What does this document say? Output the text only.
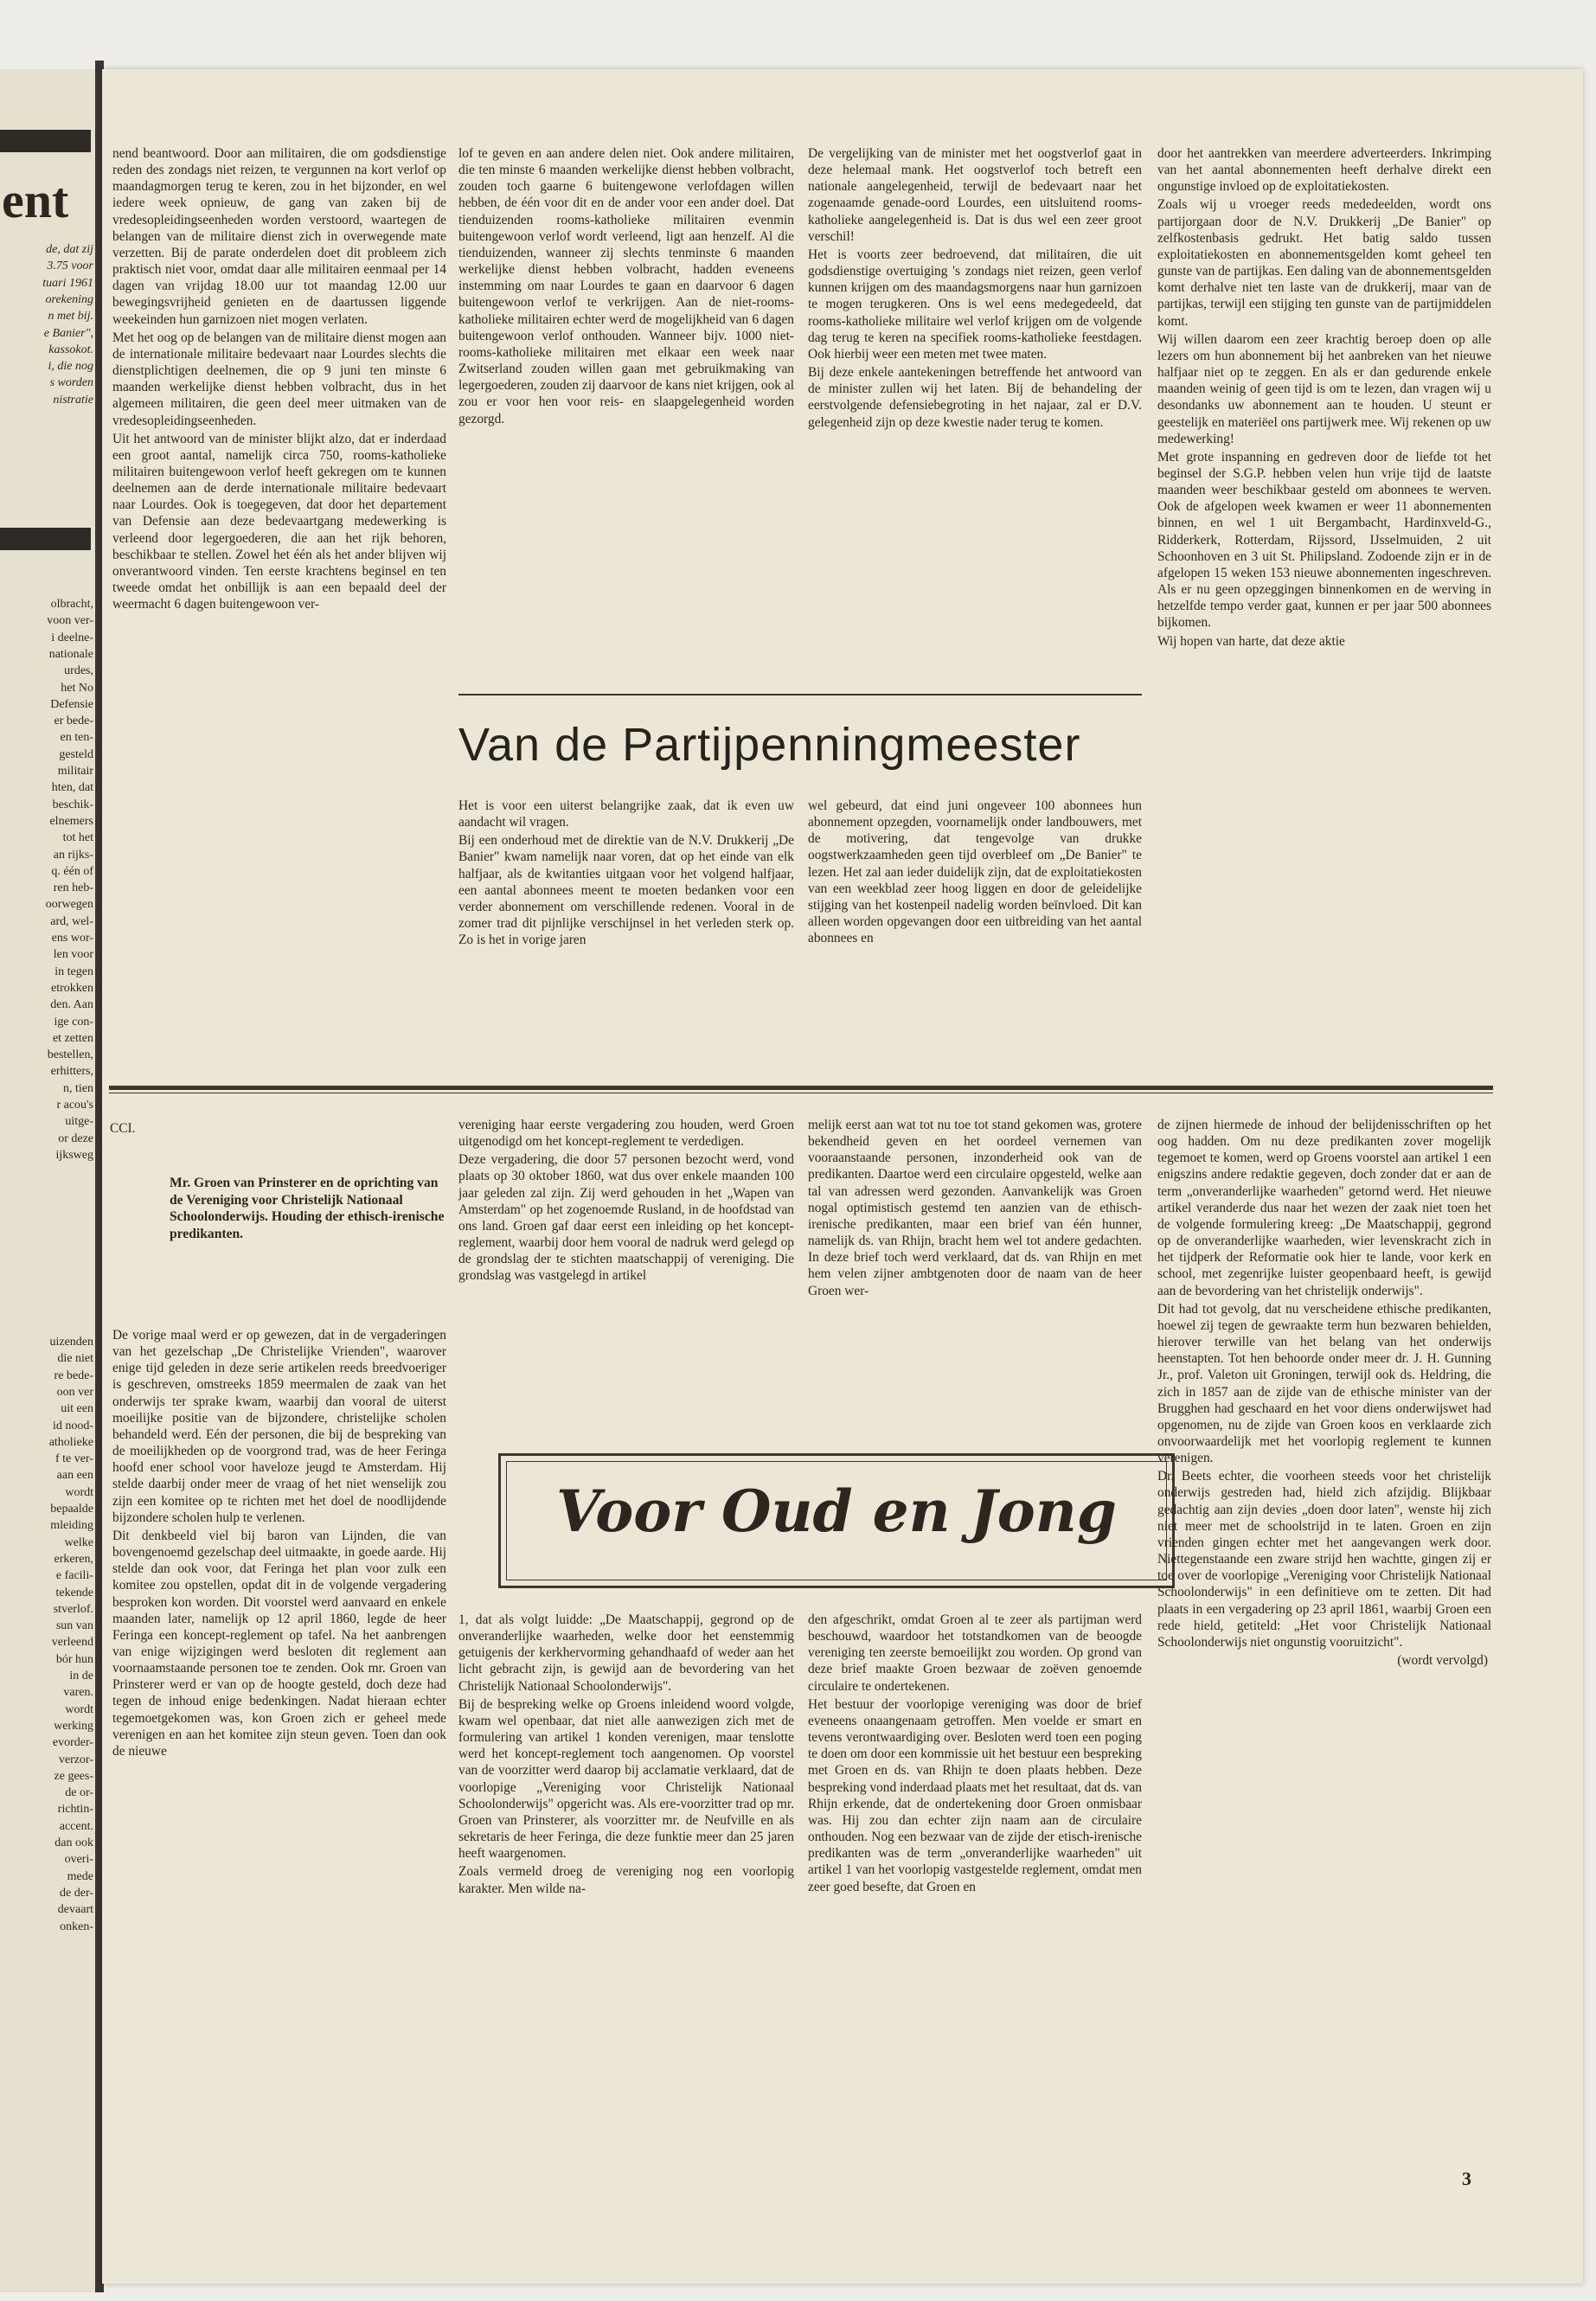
ent
de, dat zij
3.75 voor
tuari 1961
orekening
n met bij.
e Banier",
kassokot.
i, die nog
s worden
nistratie
olbracht,
voon ver-
i deelne-
nationale
urdes,
het No
Defensie
er bede-
en ten-
gesteld
militair
hten, dat
beschik-
elnemers
tot het
an rijks-
q. één of
ren heb-
oorwegen
ard, wel-
ens wor-
len voor
in tegen
etrokken
den. Aan
ige con-
et zetten
bestellen,
erhitters,
n, tien
r acou's
uitge-
or deze
ijksweg
uizenden
die niet
re bede-
oon ver
uit een
id nood-
atholieke
f te ver-
aan een
wordt
bepaalde
mleiding
welke
erkeren,
e facili-
tekende
stverlof.
sun van
verleend
bór hun
in de
varen.
wordt
werking
evorder-
verzor-
ze gees-
de or-
richtin-
accent.
dan ook
overi-
mede
de der-
devaart
onken-

nend beantwoord. Door aan militairen, die om godsdienstige reden des zondags niet reizen, te vergunnen na kort verlof op maandagmorgen terug te keren, zou in het bijzonder, en wel iedere week opnieuw, de gang van zaken bij de vredesopleidingseenheden worden verstoord, waartegen de belangen van de militaire dienst zich in overwegende mate verzetten. Bij de parate onderdelen doet dit probleem zich praktisch niet voor, omdat daar alle militairen eenmaal per 14 dagen van vrijdag 18.00 uur tot maandag 12.00 uur bewegingsvrijheid genieten en de daartussen liggende weekeinden hun garnizoen niet mogen verlaten.

Met het oog op de belangen van de militaire dienst mogen aan de internationale militaire bedevaart naar Lourdes slechts die dienstplichtigen deelnemen, die op 9 juni ten minste 6 maanden werkelijke dienst hebben volbracht, dus in het algemeen militairen, die geen deel meer uitmaken van de vredesopleidingseenheden.

Uit het antwoord van de minister blijkt alzo, dat er inderdaad een groot aantal, namelijk circa 750, rooms-katholieke militairen buitengewoon verlof heeft gekregen om te kunnen deelnemen aan de derde internationale militaire bedevaart naar Lourdes. Ook is toegegeven, dat door het departement van Defensie aan deze bedevaartgang medewerking is verleend door legergoederen, die aan het rijk behoren, beschikbaar te stellen. Zowel het één als het ander blijven wij onverantwoord vinden. Ten eerste krachtens beginsel en ten tweede omdat het onbillijk is aan een bepaald deel der weermacht 6 dagen buitengewoon ver-

lof te geven en aan andere delen niet. Ook andere militairen, die ten minste 6 maanden werkelijke dienst hebben volbracht, zouden toch gaarne 6 buitengewone verlofdagen willen hebben, de één voor dit en de ander voor een ander doel. Dat tienduizenden rooms-katholieke militairen evenmin buitengewoon verlof wordt verleend, ligt aan henzelf. Al die tienduizenden, wanneer zij slechts tenminste 6 maanden werkelijke dienst hebben volbracht, hadden eveneens instemming om naar Lourdes te gaan en daarvoor 6 dagen buitengewoon verlof te verkrijgen. Aan de niet-rooms-katholieke militairen echter werd de mogelijkheid van 6 dagen buitengewoon verlof onthouden. Wanneer bijv. 1000 niet-rooms-katholieke militairen met elkaar een week naar Zwitserland zouden willen gaan met gebruikmaking van legergoederen, zouden zij daarvoor de kans niet krijgen, ook al zou er voor hen voor reis- en slaapgelegenheid worden gezorgd.

De vergelijking van de minister met het oogstverlof gaat in deze helemaal mank. Het oogstverlof toch betreft een nationale aangelegenheid, terwijl de bedevaart naar het zogenaamde genade-oord Lourdes, een uitsluitend rooms-katholieke aangelegenheid is. Dat is dus wel een zeer groot verschil!

Het is voorts zeer bedroevend, dat militairen, die uit godsdienstige overtuiging 's zondags niet reizen, geen verlof kunnen krijgen om des maandagsmorgens naar hun garnizoen te mogen terugkeren. Ons is wel eens medegedeeld, dat rooms-katholieke militaire wel verlof krijgen om de volgende dag terug te keren na specifiek rooms-katholieke feestdagen. Ook hierbij weer een meten met twee maten.

Bij deze enkele aantekeningen betreffende het antwoord van de minister zullen wij het laten. Bij de behandeling der eerstvolgende defensiebegroting in het najaar, zal er D.V. gelegenheid zijn op deze kwestie nader terug te komen.

door het aantrekken van meerdere adverteerders. Inkrimping van het aantal abonnementen heeft derhalve direkt een ongunstige invloed op de exploitatiekosten.

Zoals wij u vroeger reeds mededeelden, wordt ons partijorgaan door de N.V. Drukkerij „De Banier" op zelfkostenbasis gedrukt. Het batig saldo tussen exploitatiekosten en abonnementsgelden komt geheel ten gunste van de partijkas. Een daling van de abonnementsgelden komt derhalve niet ten laste van de drukkerij, maar van de partijkas, terwijl een stijging ten gunste van de partijmiddelen komt.

Wij willen daarom een zeer krachtig beroep doen op alle lezers om hun abonnement bij het aanbreken van het nieuwe halfjaar niet op te zeggen. En als er dan gedurende enkele maanden weinig of geen tijd is om te lezen, dan vragen wij u desondanks uw abonnement aan te houden. U steunt er geestelijk en materiëel ons partijwerk mee. Wij rekenen op uw medewerking!

Met grote inspanning en gedreven door de liefde tot het beginsel der S.G.P. hebben velen hun vrije tijd de laatste maanden weer beschikbaar gesteld om abonnees te werven. Ook de afgelopen week kwamen er weer 11 abonnementen binnen, en wel 1 uit Bergambacht, Hardinxveld-G., Ridderkerk, Rotterdam, Rijssord, IJsselmuiden, 2 uit Schoonhoven en 3 uit St. Philipsland. Zodoende zijn er in de afgelopen 15 weken 153 nieuwe abonnementen ingeschreven. Als er nu geen opzeggingen binnenkomen en de werving in hetzelfde tempo verder gaat, kunnen er per jaar 500 abonnees bijkomen.

Wij hopen van harte, dat deze aktie

Van de Partijpenningmeester

Het is voor een uiterst belangrijke zaak, dat ik even uw aandacht wil vragen.

Bij een onderhoud met de direktie van de N.V. Drukkerij „De Banier" kwam namelijk naar voren, dat op het einde van elk halfjaar, als de kwitanties uitgaan voor het volgend halfjaar, een aantal abonnees meent te moeten bedanken voor een verder abonnement om verschillende redenen. Vooral in de zomer trad dit pijnlijke verschijnsel in het verleden sterk op. Zo is het in vorige jaren

wel gebeurd, dat eind juni ongeveer 100 abonnees hun abonnement opzegden, voornamelijk onder landbouwers, met de motivering, dat tengevolge van drukke oogstwerkzaamheden geen tijd overbleef om „De Banier" te lezen. Het zal aan ieder duidelijk zijn, dat de exploitatiekosten van een weekblad zeer hoog liggen en door de geleidelijke stijging van het kostenpeil nadelig worden beïnvloed. Dit kan alleen worden opgevangen door een uitbreiding van het aantal abonnees en

CCI.
Mr. Groen van Prinsterer en de oprichting van de Vereniging voor Christelijk Nationaal Schoolonderwijs. Houding der ethisch-irenische predikanten.

De vorige maal werd er op gewezen, dat in de vergaderingen van het gezelschap „De Christelijke Vrienden", waarover enige tijd geleden in deze serie artikelen reeds breedvoeriger is geschreven, omstreeks 1859 meermalen de zaak van het onderwijs ter sprake kwam, waarbij dan vooral de uiterst moeilijke positie van de bijzondere, christelijke scholen behandeld werd. Eén der personen, die bij de bespreking van de moeilijkheden op de voorgrond trad, was de heer Feringa hoofd ener school voor haveloze jeugd te Amsterdam. Hij stelde daarbij onder meer de vraag of het niet wenselijk zou zijn een komitee op te richten met het doel de noodlijdende bijzondere scholen hulp te verlenen.

Dit denkbeeld viel bij baron van Lijnden, die van bovengenoemd gezelschap deel uitmaakte, in goede aarde. Hij stelde dan ook voor, dat Feringa het plan voor zulk een komitee zou opstellen, opdat dit in de volgende vergadering besproken kon worden. Dit voorstel werd aanvaard en enkele maanden later, namelijk op 12 april 1860, legde de heer Feringa een koncept-reglement op tafel. Na het aanbrengen van enige wijzigingen werd besloten dit reglement aan voornaamstaande personen toe te zenden. Ook mr. Groen van Prinsterer werd er van op de hoogte gesteld, doch deze had tegen de inhoud enige bedenkingen. Nadat hieraan echter tegemoetgekomen was, kon Groen zich er geheel mede verenigen en aan het komitee zijn steun geven. Toen dan ook de nieuwe

vereniging haar eerste vergadering zou houden, werd Groen uitgenodigd om het koncept-reglement te verdedigen.

Deze vergadering, die door 57 personen bezocht werd, vond plaats op 30 oktober 1860, wat dus over enkele maanden 100 jaar geleden zal zijn. Zij werd gehouden in het „Wapen van Amsterdam" op het zogenoemde Rusland, in de hoofdstad van ons land. Groen gaf daar eerst een inleiding op het koncept-reglement, waarbij door hem vooral de nadruk werd gelegd op de grondslag der te stichten maatschappij of vereniging. Die grondslag was vastgelegd in artikel

melijk eerst aan wat tot nu toe tot stand gekomen was, grotere bekendheid geven en het oordeel vernemen van vooraanstaande personen, inzonderheid ook van de predikanten. Daartoe werd een circulaire opgesteld, welke aan tal van adressen werd gezonden. Aanvankelijk was Groen nogal optimistisch gestemd ten aanzien van de ethisch-irenische predikanten, maar een brief van één hunner, namelijk ds. van Rhijn, bracht hem wel tot andere gedachten. In deze brief toch werd verklaard, dat ds. van Rhijn en met hem velen zijner ambtgenoten door de naam van de heer Groen wer-

Voor Oud en Jong

1, dat als volgt luidde: „De Maatschappij, gegrond op de onveranderlijke waarheden, welke door het eenstemmig getuigenis der kerkhervorming gehandhaafd of weder aan het licht gebracht zijn, is gewijd aan de bevordering van het Christelijk Nationaal Schoolonderwijs".

Bij de bespreking welke op Groens inleidend woord volgde, kwam wel openbaar, dat niet alle aanwezigen zich met de formulering van artikel 1 konden verenigen, maar tenslotte werd het koncept-reglement toch aangenomen. Op voorstel van de voorzitter werd daarop bij acclamatie verklaard, dat de voorlopige „Vereniging voor Christelijk Nationaal Schoolonderwijs" opgericht was. Als ere-voorzitter trad op mr. Groen van Prinsterer, als voorzitter mr. de Neufville en als sekretaris de heer Feringa, die deze funktie meer dan 25 jaren heeft waargenomen.

Zoals vermeld droeg de vereniging nog een voorlopig karakter. Men wilde na-

den afgeschrikt, omdat Groen al te zeer als partijman werd beschouwd, waardoor het totstandkomen van de beoogde vereniging ten zeerste bemoeilijkt zou worden. Op grond van deze brief maakte Groen bezwaar de zoëven genoemde circulaire te ondertekenen.

Het bestuur der voorlopige vereniging was door de brief eveneens onaangenaam getroffen. Men voelde er smart en tevens verontwaardiging over. Besloten werd toen een poging te doen om door een kommissie uit het bestuur een bespreking met Groen en ds. van Rhijn te doen plaats hebben. Deze bespreking vond inderdaad plaats met het resultaat, dat ds. van Rhijn erkende, dat de ondertekening door Groen onmisbaar was. Hij zou dan echter zijn naam aan de circulaire onthouden. Nog een bezwaar van de zijde der etisch-irenische predikanten was de term „onveranderlijke waarheden" uit artikel 1 van het voorlopig vastgestelde reglement, omdat men zeer goed besefte, dat Groen en

de zijnen hiermede de inhoud der belijdenisschriften op het oog hadden. Om nu deze predikanten zover mogelijk tegemoet te komen, werd op Groens voorstel aan artikel 1 een enigszins andere redaktie gegeven, doch zonder dat er aan de term „onveranderlijke waarheden" getornd werd. Het nieuwe artikel veranderde dus naar het wezen der zaak niet toen het de volgende formulering kreeg: „De Maatschappij, gegrond op de onveranderlijke waarheden, wier levenskracht zich in het tijdperk der Reformatie ook hier te lande, voor kerk en school, met zegenrijke luister geopenbaard heeft, is gewijd aan de bevordering van het christelijk onderwijs".

Dit had tot gevolg, dat nu verscheidene ethische predikanten, hoewel zij tegen de gewraakte term hun bezwaren behielden, hierover terwille van het belang van het onderwijs heenstapten. Tot hen behoorde onder meer dr. J. H. Gunning Jr., prof. Valeton uit Groningen, terwijl ook ds. Heldring, die zich in 1857 aan de zijde van de ethische minister van der Brugghen had geschaard en het voor diens onderwijswet had opgenomen, nu de zijde van Groen koos en verklaarde zich onvoorwaardelijk met het voorlopig reglement te kunnen verenigen.

Dr. Beets echter, die voorheen steeds voor het christelijk onderwijs gestreden had, hield zich afzijdig. Blijkbaar gedachtig aan zijn devies „doen door laten", wenste hij zich niet meer met de schoolstrijd in te laten. Groen en zijn vrienden gingen echter met het aangevangen werk door. Niettegenstaande een zware strijd hen wachtte, gingen zij er toe over de voorlopige „Vereniging voor Christelijk Nationaal Schoolonderwijs" in een definitieve om te zetten. Dit had plaats in een vergadering op 23 april 1861, waarbij Groen een rede hield, getiteld: „Het voor Christelijk Nationaal Schoolonderwijs niet ongunstig vooruitzicht".

(wordt vervolgd)

3
